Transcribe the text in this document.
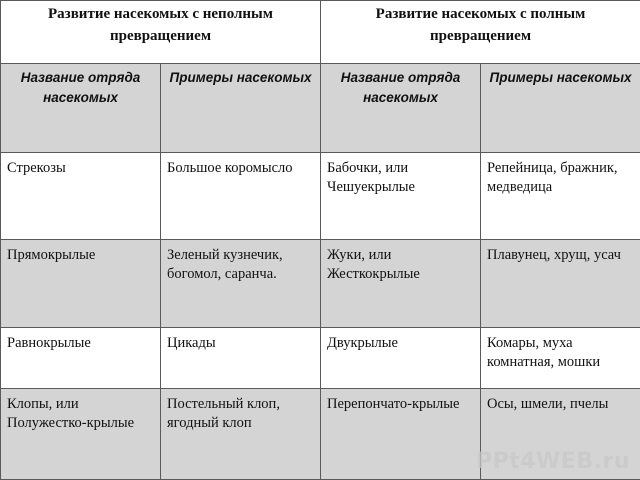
Развитие насекомых с неполным превращением		Развитие насекомых с полным превращением	

Название отряда насекомых	Примеры насекомых	Название отряда насекомых	Примеры насекомых

Стрекозы	Большое коромысло	Бабочки, или Чешуекрылые	Репейница, бражник, медведица

Прямокрылые	Зеленый кузнечик, богомол, саранча.	Жуки, или Жесткокрылые	Плавунец, хрущ, усач

Равнокрылые	Цикады	Двукрылые	Комары, муха комнатная, мошки

Клопы, или Полужестко-крылые	Постельный клоп, ягодный клоп	Перепончато-крылые	Осы, шмели, пчелы
PPt4WEB.ru
